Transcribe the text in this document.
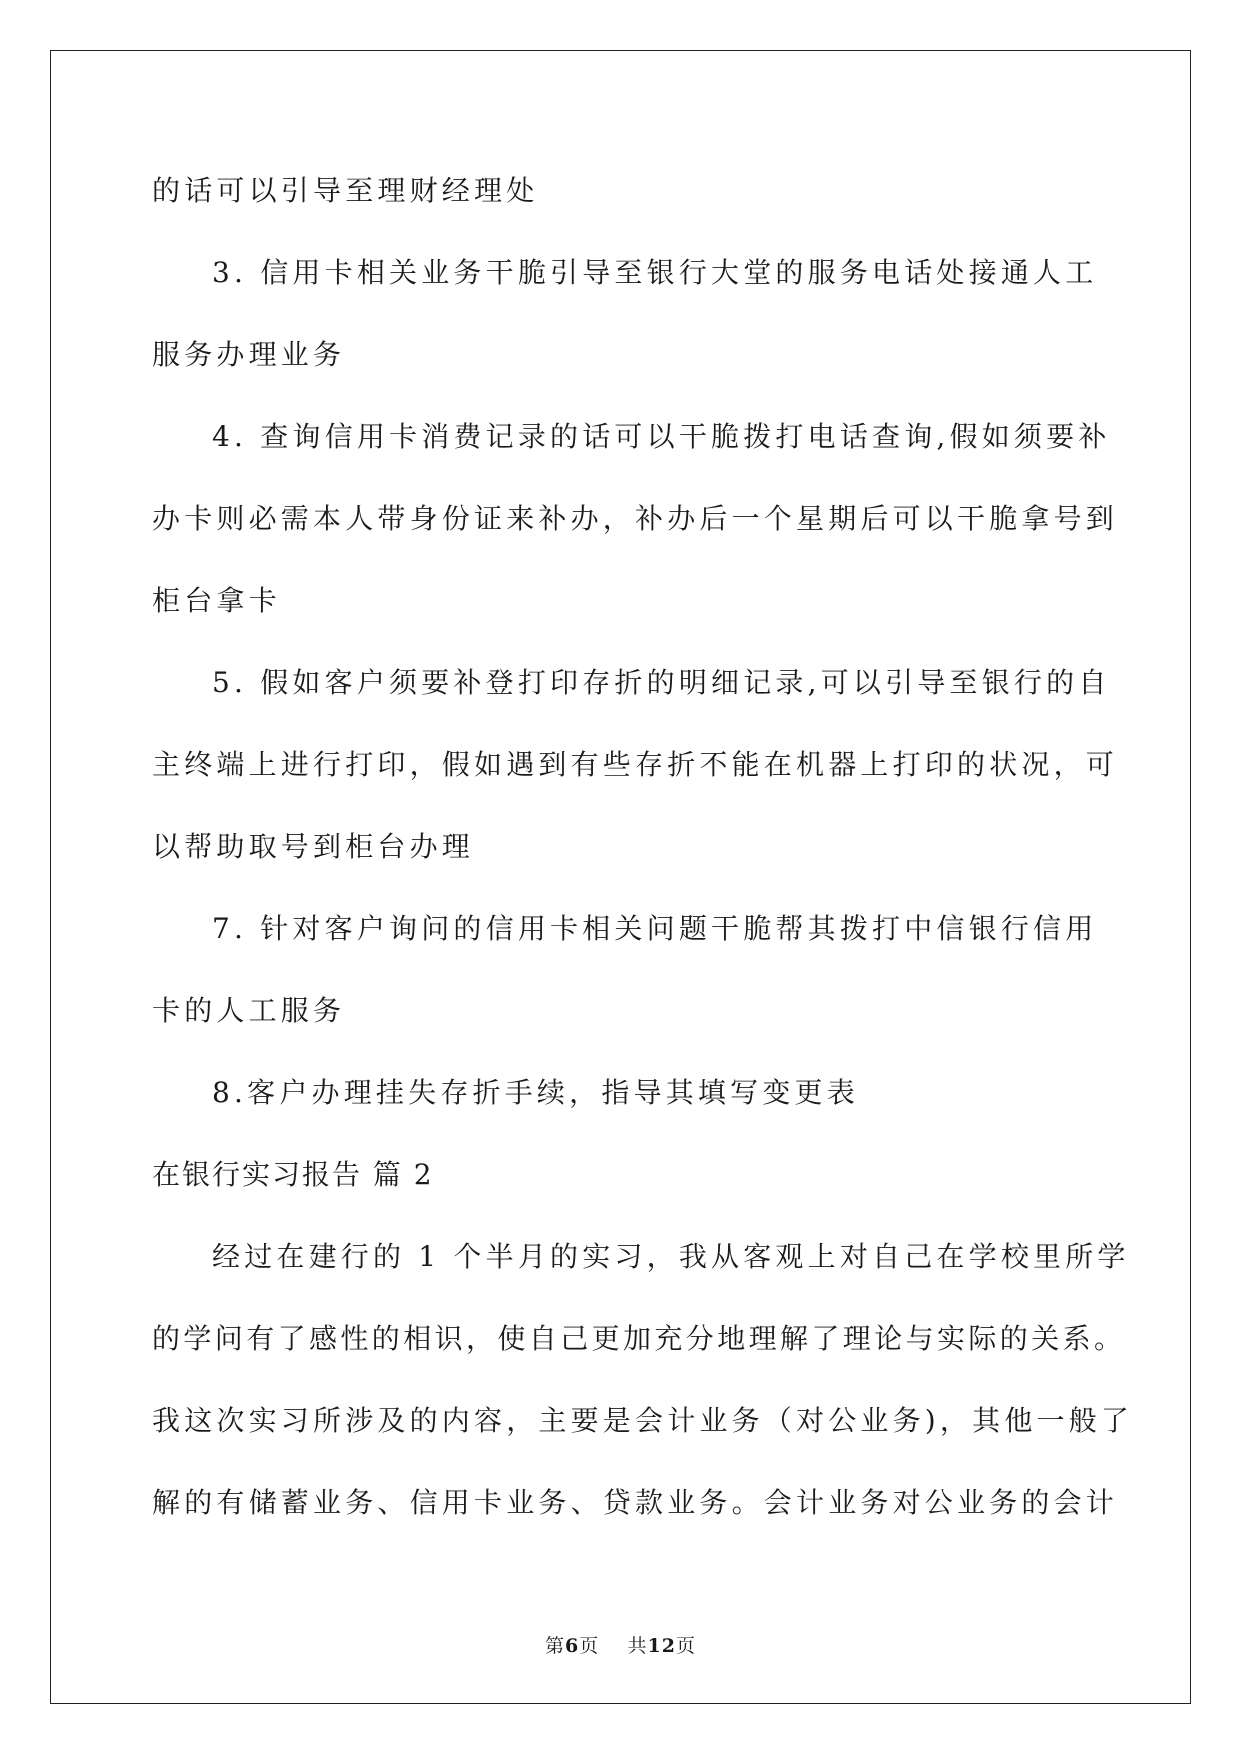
的话可以引导至理财经理处
3. 信用卡相关业务干脆引导至银行大堂的服务电话处接通人工
服务办理业务
4. 查询信用卡消费记录的话可以干脆拨打电话查询,假如须要补
办卡则必需本人带身份证来补办，补办后一个星期后可以干脆拿号到
柜台拿卡
5. 假如客户须要补登打印存折的明细记录,可以引导至银行的自
主终端上进行打印，假如遇到有些存折不能在机器上打印的状况，可
以帮助取号到柜台办理
7. 针对客户询问的信用卡相关问题干脆帮其拨打中信银行信用
卡的人工服务
8.客户办理挂失存折手续，指导其填写变更表
在银行实习报告 篇 2
经过在建行的 1 个半月的实习，我从客观上对自己在学校里所学
的学问有了感性的相识，使自己更加充分地理解了理论与实际的关系。
我这次实习所涉及的内容，主要是会计业务（对公业务)，其他一般了
解的有储蓄业务、信用卡业务、贷款业务。会计业务对公业务的会计
第6页 共12页
